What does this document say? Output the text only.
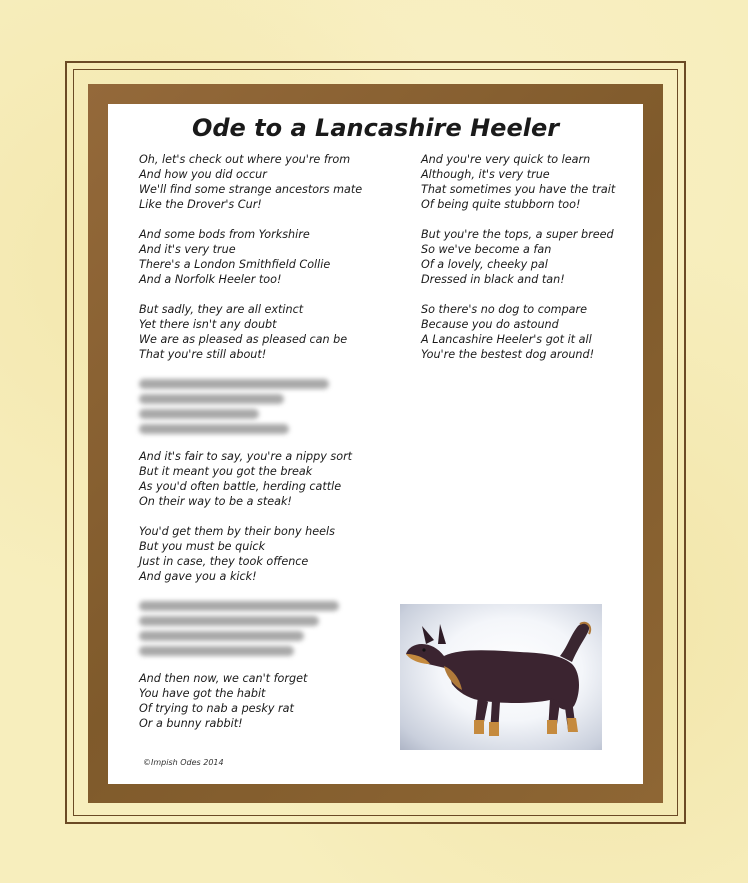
Ode to a Lancashire Heeler
Oh, let's check out where you're from
And how you did occur
We'll find some strange ancestors mate
Like the Drover's Cur!
And some bods from Yorkshire
And it's very true
There's a London Smithfield Collie
And a Norfolk Heeler too!
But sadly, they are all extinct
Yet there isn't any doubt
We are as pleased as pleased can be
That you're still about!
And it's fair to say, you're a nippy sort
But it meant you got the break
As you'd often battle, herding cattle
On their way to be a steak!
You'd get them by their bony heels
But you must be quick
Just in case, they took offence
And gave you a kick!
And then now, we can't forget
You have got the habit
Of trying to nab a pesky rat
Or a bunny rabbit!
And you're very quick to learn
Although, it's very true
That sometimes you have the trait
Of being quite stubborn too!
But you're the tops, a super breed
So we've become a fan
Of a lovely, cheeky pal
Dressed in black and tan!
So there's no dog to compare
Because you do astound
A Lancashire Heeler's got it all
You're the bestest dog around!
©Impish Odes 2014
